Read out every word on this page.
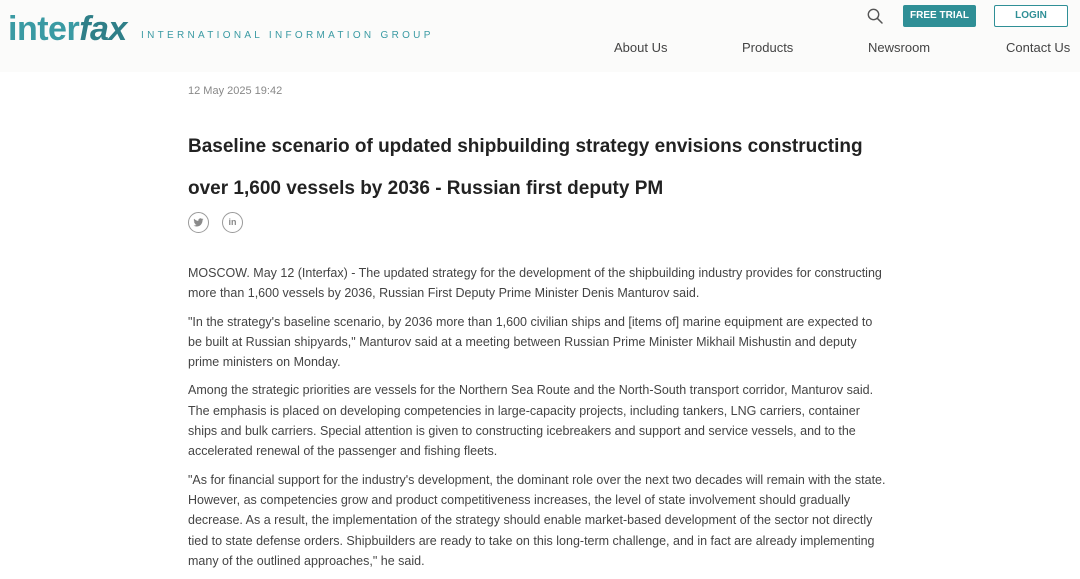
interfax INTERNATIONAL INFORMATION GROUP
FREE TRIAL	LOGIN
About Us	Products	Newsroom	Contact Us
12 May 2025 19:42
Baseline scenario of updated shipbuilding strategy envisions constructing over 1,600 vessels by 2036 - Russian first deputy PM
in

MOSCOW. May 12 (Interfax) - The updated strategy for the development of the shipbuilding industry provides for constructing more than 1,600 vessels by 2036, Russian First Deputy Prime Minister Denis Manturov said.

"In the strategy's baseline scenario, by 2036 more than 1,600 civilian ships and [items of] marine equipment are expected to be built at Russian shipyards," Manturov said at a meeting between Russian Prime Minister Mikhail Mishustin and deputy prime ministers on Monday.

Among the strategic priorities are vessels for the Northern Sea Route and the North-South transport corridor, Manturov said. The emphasis is placed on developing competencies in large-capacity projects, including tankers, LNG carriers, container ships and bulk carriers. Special attention is given to constructing icebreakers and support and service vessels, and to the accelerated renewal of the passenger and fishing fleets.

"As for financial support for the industry's development, the dominant role over the next two decades will remain with the state. However, as competencies grow and product competitiveness increases, the level of state involvement should gradually decrease. As a result, the implementation of the strategy should enable market-based development of the sector not directly tied to state defense orders. Shipbuilders are ready to take on this long-term challenge, and in fact are already implementing many of the outlined approaches," he said.
